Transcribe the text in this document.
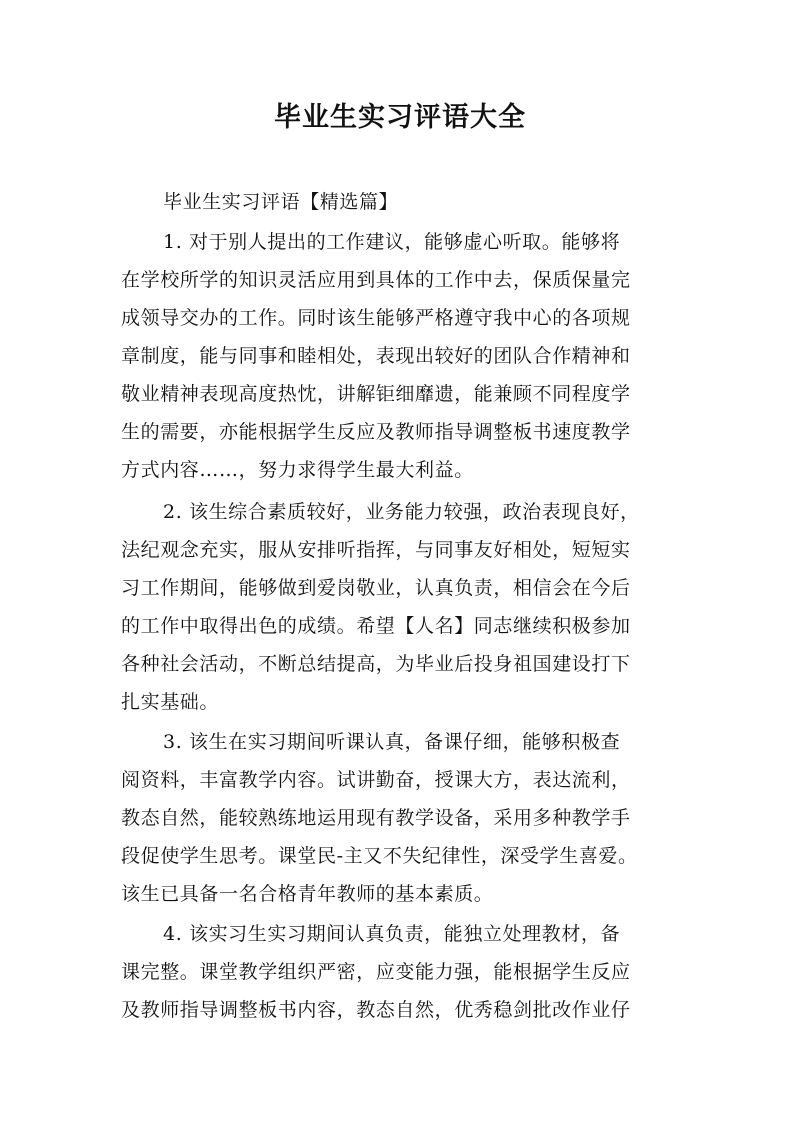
毕业生实习评语大全
毕业生实习评语【精选篇】
1. 对于别人提出的工作建议，能够虚心听取。能够将
在学校所学的知识灵活应用到具体的工作中去，保质保量完
成领导交办的工作。同时该生能够严格遵守我中心的各项规
章制度，能与同事和睦相处，表现出较好的团队合作精神和
敬业精神表现高度热忱，讲解钜细靡遗，能兼顾不同程度学
生的需要，亦能根据学生反应及教师指导调整板书速度教学
方式内容……，努力求得学生最大利益。
2. 该生综合素质较好，业务能力较强，政治表现良好，
法纪观念充实，服从安排听指挥，与同事友好相处，短短实
习工作期间，能够做到爱岗敬业，认真负责，相信会在今后
的工作中取得出色的成绩。希望【人名】同志继续积极参加
各种社会活动，不断总结提高，为毕业后投身祖国建设打下
扎实基础。
3. 该生在实习期间听课认真，备课仔细，能够积极查
阅资料，丰富教学内容。试讲勤奋，授课大方，表达流利，
教态自然，能较熟练地运用现有教学设备，采用多种教学手
段促使学生思考。课堂民-主又不失纪律性，深受学生喜爱。
该生已具备一名合格青年教师的基本素质。
4. 该实习生实习期间认真负责，能独立处理教材，备
课完整。课堂教学组织严密，应变能力强，能根据学生反应
及教师指导调整板书内容，教态自然，优秀稳剑批改作业仔
